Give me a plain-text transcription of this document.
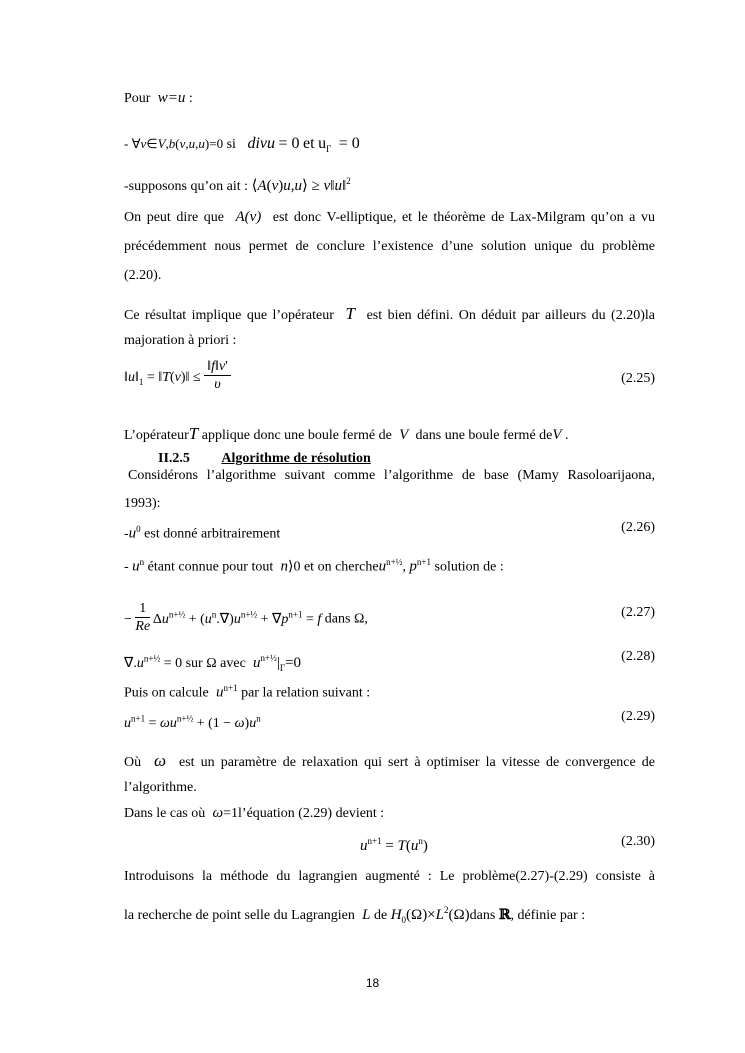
Pour  w=u :
- ∀v∈V,b(v,u,u)=0 si   divu = 0 et $u_\Gamma = 0$
-supposons qu’on ait : ⟨A(v)u,u⟩ ≥ v‖u‖$^2$
On peut dire que  A(v)  est donc V-elliptique, et le théorème de Lax-Milgram qu’on a vu
précédemment nous permet de conclure l’existence d’une solution unique du problème
(2.20).
Ce résultat implique que l’opérateur  T  est bien défini. On déduit par ailleurs du (2.20)la
majoration à priori :
$‖u‖_1$ = ‖T(v)‖ ≤ $\frac{‖f‖v'}{\upsilon}$	(2.25)
L’opérateurT applique donc une boule fermé de  V  dans une boule fermé deV .
II.2.5 Algorithme de résolution
Considérons l’algorithme suivant comme l’algorithme de base (Mamy Rasoloarijaona,
1993):
$-u^0$ est donné arbitrairement	(2.26)
- $u^n$ étant connue pour tout  n⟩0 et on chercheu$^{n+\frac{1}{2}}$, $p^{n+1}$ solution de :
− $\frac{1}{Re} \Delta u^{n+\frac{1}{2}} + (u^n.\nabla)u^{n+\frac{1}{2}} + \nabla p^{n+1} = f$ dans Ω,	(2.27)
$\nabla.u^{n+\frac{1}{2}} = 0$ sur Ω avec $u^{n+\frac{1}{2}}|_\Gamma=0$	(2.28)
Puis on calcule  $u^{n+1}$ par la relation suivant :
$u^{n+1} = \omega u^{n+\frac{1}{2}} + (1 - \omega)u^n$	(2.29)
Où  ω  est un paramètre de relaxation qui sert à optimiser la vitesse de convergence de
l’algorithme.
Dans le cas où  ω=1l’équation (2.29) devient :
$u^{n+1} = T(u^n)$	(2.30)
Introduisons la méthode du lagrangien augmenté : Le problème(2.27)-(2.29) consiste à
la recherche de point selle du Lagrangien  L de $H_0(\Omega)\times L^2(\Omega)dans$ ℝ, définie par :
18
